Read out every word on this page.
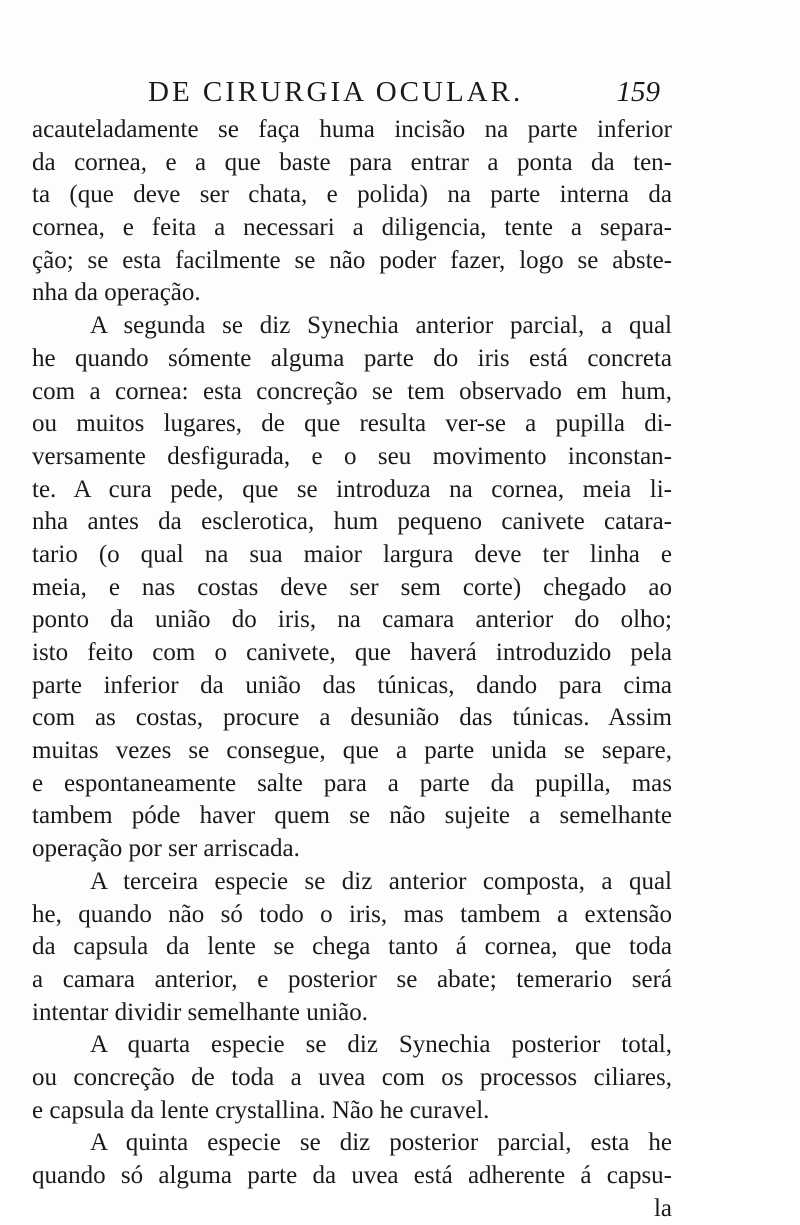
DE CIRURGIA OCULAR.	159
acauteladamente se faça huma incisão na parte inferior
da cornea, e a que baste para entrar a ponta da ten-
ta (que deve ser chata, e polida) na parte interna da
cornea, e feita a necessari a diligencia, tente a separa-
ção; se esta facilmente se não poder fazer, logo se abste-
nha da operação.
A segunda se diz Synechia anterior parcial, a qual
he quando sómente alguma parte do iris está concreta
com a cornea: esta concreção se tem observado em hum,
ou muitos lugares, de que resulta ver-se a pupilla di-
versamente desfigurada, e o seu movimento inconstan-
te. A cura pede, que se introduza na cornea, meia li-
nha antes da esclerotica, hum pequeno canivete catara-
tario (o qual na sua maior largura deve ter linha e
meia, e nas costas deve ser sem corte) chegado ao
ponto da união do iris, na camara anterior do olho;
isto feito com o canivete, que haverá introduzido pela
parte inferior da união das túnicas, dando para cima
com as costas, procure a desunião das túnicas. Assim
muitas vezes se consegue, que a parte unida se separe,
e espontaneamente salte para a parte da pupilla, mas
tambem póde haver quem se não sujeite a semelhante
operação por ser arriscada.
A terceira especie se diz anterior composta, a qual
he, quando não só todo o iris, mas tambem a extensão
da capsula da lente se chega tanto á cornea, que toda
a camara anterior, e posterior se abate; temerario será
intentar dividir semelhante união.
A quarta especie se diz Synechia posterior total,
ou concreção de toda a uvea com os processos ciliares,
e capsula da lente crystallina. Não he curavel.
A quinta especie se diz posterior parcial, esta he
quando só alguma parte da uvea está adherente á capsu-
la
